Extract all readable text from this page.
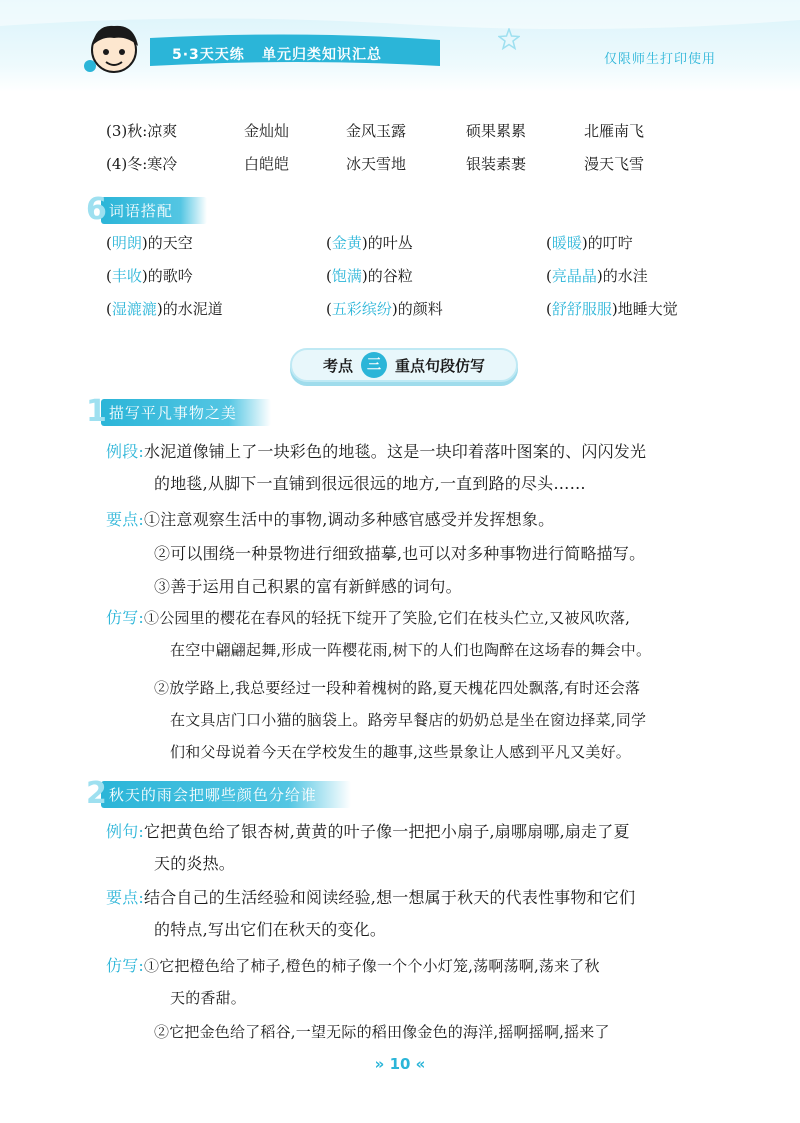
5·3天天练 单元归类知识汇总	仅限师生打印使用
(3)秋:凉爽	金灿灿	金风玉露	硕果累累	北雁南飞
(4)冬:寒冷	白皑皑	冰天雪地	银装素裹	漫天飞雪
6 词语搭配
(明朗)的天空	(金黄)的叶丛	(暖暖)的叮咛
(丰收)的歌吟	(饱满)的谷粒	(亮晶晶)的水洼
(湿漉漉)的水泥道	(五彩缤纷)的颜料	(舒舒服服)地睡大觉
考点	三 重点句段仿写
1 描写平凡事物之美
例段:水泥道像铺上了一块彩色的地毯。这是一块印着落叶图案的、闪闪发光
的地毯,从脚下一直铺到很远很远的地方,一直到路的尽头……
要点:①注意观察生活中的事物,调动多种感官感受并发挥想象。
②可以围绕一种景物进行细致描摹,也可以对多种事物进行简略描写。
③善于运用自己积累的富有新鲜感的词句。
仿写:①公园里的樱花在春风的轻抚下绽开了笑脸,它们在枝头伫立,又被风吹落,
在空中翩翩起舞,形成一阵樱花雨,树下的人们也陶醉在这场春的舞会中。
②放学路上,我总要经过一段种着槐树的路,夏天槐花四处飘落,有时还会落
在文具店门口小猫的脑袋上。路旁早餐店的奶奶总是坐在窗边择菜,同学
们和父母说着今天在学校发生的趣事,这些景象让人感到平凡又美好。
2 秋天的雨会把哪些颜色分给谁
例句:它把黄色给了银杏树,黄黄的叶子像一把把小扇子,扇哪扇哪,扇走了夏
天的炎热。
要点:结合自己的生活经验和阅读经验,想一想属于秋天的代表性事物和它们
的特点,写出它们在秋天的变化。
仿写:①它把橙色给了柿子,橙色的柿子像一个个小灯笼,荡啊荡啊,荡来了秋
天的香甜。
②它把金色给了稻谷,一望无际的稻田像金色的海洋,摇啊摇啊,摇来了
» 10 «
